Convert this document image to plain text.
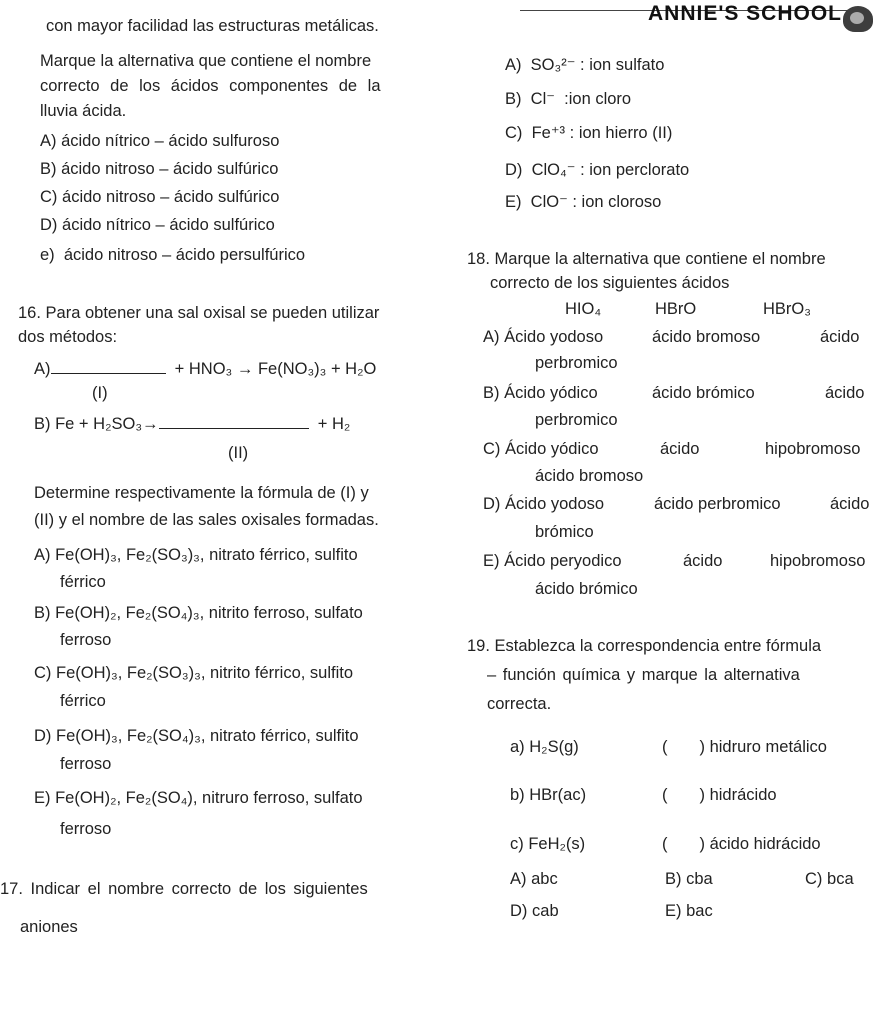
ANNIE'S SCHOOL
con mayor facilidad las estructuras metálicas.
Marque la alternativa que contiene el nombre
correcto de los ácidos componentes de la
lluvia ácida.
A) ácido nítrico – ácido sulfuroso
B) ácido nitroso – ácido sulfúrico
C) ácido nitroso – ácido sulfúrico
D) ácido nítrico – ácido sulfúrico
e) ácido nitroso – ácido persulfúrico
16. Para obtener una sal oxisal se pueden utilizar
dos métodos:
A)	+ HNO₃ → Fe(NO₃)₃ + H₂O
(I)
B) Fe + H₂SO₃→	+ H₂
(II)
Determine respectivamente la fórmula de (I) y
(II) y el nombre de las sales oxisales formadas.
A) Fe(OH)₃, Fe₂(SO₃)₃, nitrato férrico, sulfito
férrico
B) Fe(OH)₂, Fe₂(SO₄)₃, nitrito ferroso, sulfato
ferroso
C) Fe(OH)₃, Fe₂(SO₃)₃, nitrito férrico, sulfito
férrico
D) Fe(OH)₃, Fe₂(SO₄)₃, nitrato férrico, sulfito
ferroso
E) Fe(OH)₂, Fe₂(SO₄), nitruro ferroso, sulfato
ferroso
17. Indicar el nombre correcto de los siguientes
aniones
A) SO₃²⁻ : ion sulfato
B) Cl⁻ :ion cloro
C) Fe⁺³ : ion hierro (II)
D) ClO₄⁻ : ion perclorato
E) ClO⁻ : ion cloroso
18. Marque la alternativa que contiene el nombre
correcto de los siguientes ácidos
HIO₄	HBrO	HBrO₃
A) Ácido yodoso	ácido bromoso	ácido
perbromico
B) Ácido yódico	ácido brómico	ácido
perbromico
C) Ácido yódico	ácido	hipobromoso
ácido bromoso
D) Ácido yodoso	ácido perbromico	ácido
brómico
E) Ácido peryodico	ácido	hipobromoso
ácido brómico
19. Establezca la correspondencia entre fórmula
– función química y marque la alternativa
correcta.
a) H₂S(g)	( ) hidruro metálico
b) HBr(ac)	( ) hidrácido
c) FeH₂(s)	( ) ácido hidrácido
A) abc	B) cba	C) bca
D) cab	E) bac
